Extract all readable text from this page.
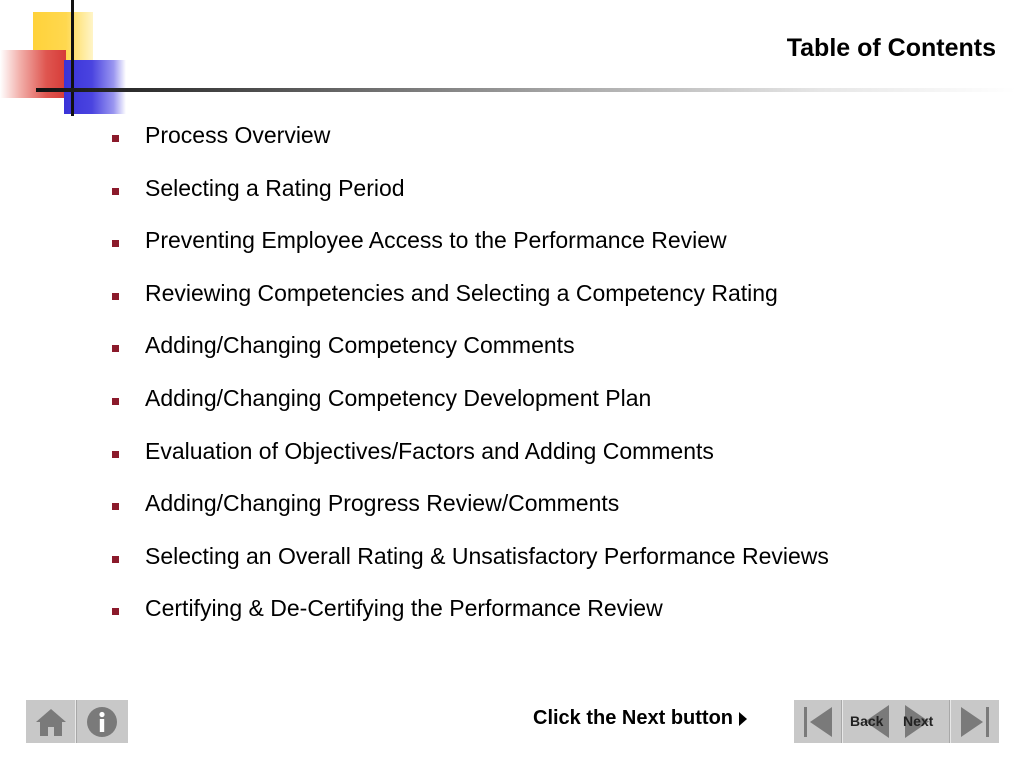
Table of Contents
Process Overview
Selecting a Rating Period
Preventing Employee Access to the Performance Review
Reviewing Competencies and Selecting a Competency Rating
Adding/Changing Competency Comments
Adding/Changing Competency Development Plan
Evaluation of Objectives/Factors and Adding Comments
Adding/Changing Progress Review/Comments
Selecting an Overall Rating & Unsatisfactory Performance Reviews
Certifying & De-Certifying the Performance Review
Click the Next button	Back Next
